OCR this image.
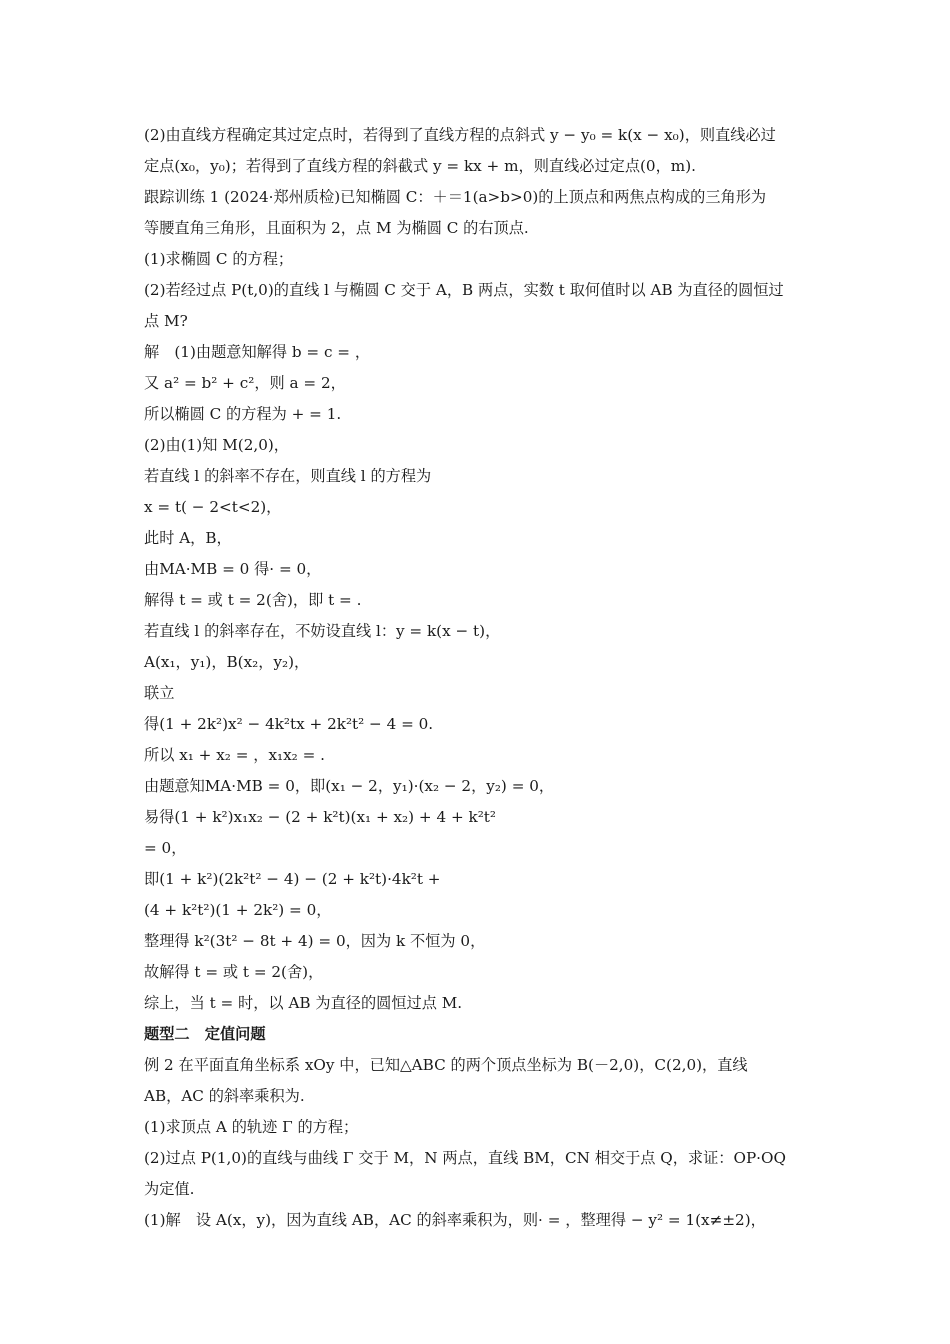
(2)由直线方程确定其过定点时，若得到了直线方程的点斜式 y − y₀ = k(x − x₀)，则直线必过
定点(x₀，y₀)；若得到了直线方程的斜截式 y = kx + m，则直线必过定点(0，m).
跟踪训练 1 (2024·郑州质检)已知椭圆 C：＋＝1(a>b>0)的上顶点和两焦点构成的三角形为
等腰直角三角形，且面积为 2，点 M 为椭圆 C 的右顶点.
(1)求椭圆 C 的方程；
(2)若经过点 P(t,0)的直线 l 与椭圆 C 交于 A，B 两点，实数 t 取何值时以 AB 为直径的圆恒过
点 M?
解　(1)由题意知解得 b = c = ，
又 a² = b² + c²，则 a = 2，
所以椭圆 C 的方程为 + = 1.
(2)由(1)知 M(2,0)，
若直线 l 的斜率不存在，则直线 l 的方程为
x = t( − 2<t<2)，
此时 A，B，
由MA·MB = 0 得· = 0，
解得 t = 或 t = 2(舍)，即 t = .
若直线 l 的斜率存在，不妨设直线 l：y = k(x − t)，
A(x₁，y₁)，B(x₂，y₂)，
联立
得(1 + 2k²)x² − 4k²tx + 2k²t² − 4 = 0.
所以 x₁ + x₂ = ，x₁x₂ = .
由题意知MA·MB = 0，即(x₁ − 2，y₁)·(x₂ − 2，y₂) = 0，
易得(1 + k²)x₁x₂ − (2 + k²t)(x₁ + x₂) + 4 + k²t²
= 0，
即(1 + k²)(2k²t² − 4) − (2 + k²t)·4k²t +
(4 + k²t²)(1 + 2k²) = 0，
整理得 k²(3t² − 8t + 4) = 0，因为 k 不恒为 0，
故解得 t = 或 t = 2(舍)，
综上，当 t = 时，以 AB 为直径的圆恒过点 M.
题型二　定值问题
例 2 在平面直角坐标系 xOy 中，已知△ABC 的两个顶点坐标为 B(－2,0)，C(2,0)，直线
AB，AC 的斜率乘积为.
(1)求顶点 A 的轨迹 Γ 的方程；
(2)过点 P(1,0)的直线与曲线 Γ 交于 M，N 两点，直线 BM，CN 相交于点 Q，求证：OP·OQ
为定值.
(1)解　设 A(x，y)，因为直线 AB，AC 的斜率乘积为，则· = ，整理得 − y² = 1(x≠±2)，
